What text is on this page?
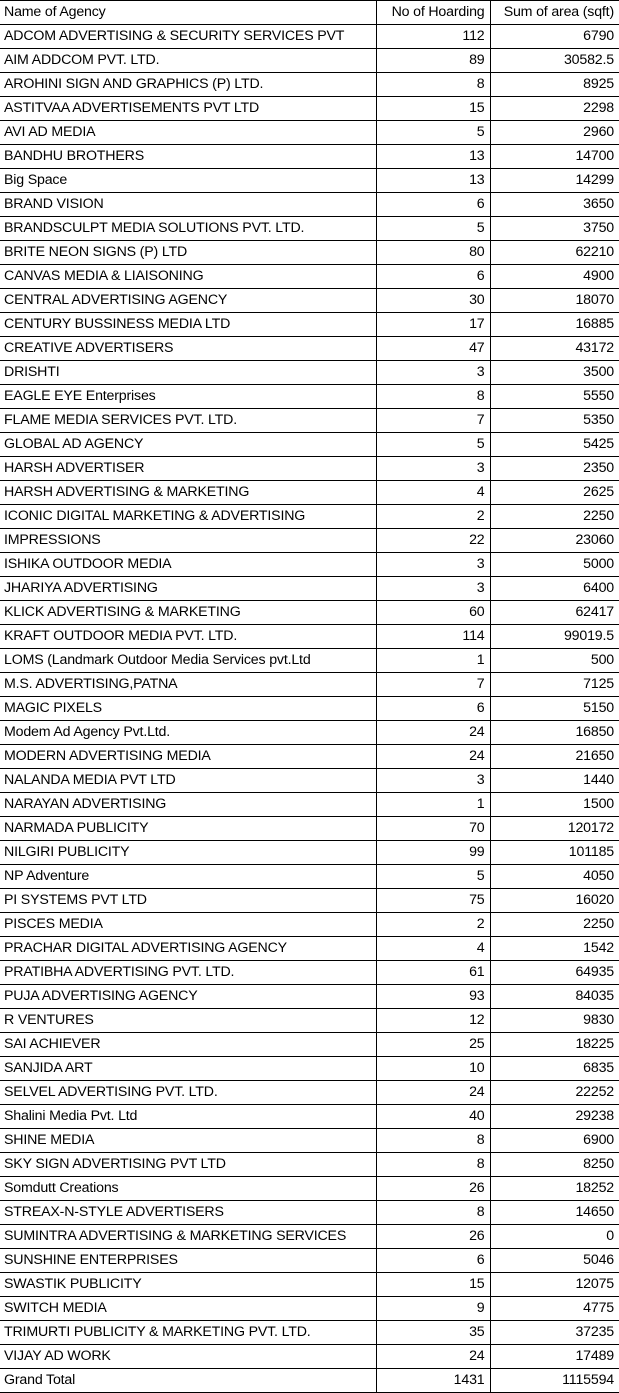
Name of Agency	No of Hoarding	Sum of area (sqft)
ADCOM ADVERTISING & SECURITY SERVICES PVT	112	6790
AIM ADDCOM PVT. LTD.	89	30582.5
AROHINI SIGN AND GRAPHICS (P) LTD.	8	8925
ASTITVAA ADVERTISEMENTS PVT LTD	15	2298
AVI AD MEDIA	5	2960
BANDHU BROTHERS	13	14700
Big Space	13	14299
BRAND VISION	6	3650
BRANDSCULPT MEDIA SOLUTIONS PVT. LTD.	5	3750
BRITE NEON SIGNS (P) LTD	80	62210
CANVAS MEDIA & LIAISONING	6	4900
CENTRAL ADVERTISING AGENCY	30	18070
CENTURY BUSSINESS MEDIA LTD	17	16885
CREATIVE ADVERTISERS	47	43172
DRISHTI	3	3500
EAGLE EYE Enterprises	8	5550
FLAME MEDIA SERVICES PVT. LTD.	7	5350
GLOBAL AD AGENCY	5	5425
HARSH ADVERTISER	3	2350
HARSH ADVERTISING & MARKETING	4	2625
ICONIC DIGITAL MARKETING & ADVERTISING	2	2250
IMPRESSIONS	22	23060
ISHIKA OUTDOOR MEDIA	3	5000
JHARIYA ADVERTISING	3	6400
KLICK ADVERTISING & MARKETING	60	62417
KRAFT OUTDOOR MEDIA PVT. LTD.	114	99019.5
LOMS (Landmark Outdoor Media Services pvt.Ltd	1	500
M.S. ADVERTISING,PATNA	7	7125
MAGIC PIXELS	6	5150
Modem Ad Agency Pvt.Ltd.	24	16850
MODERN ADVERTISING MEDIA	24	21650
NALANDA MEDIA PVT LTD	3	1440
NARAYAN ADVERTISING	1	1500
NARMADA PUBLICITY	70	120172
NILGIRI PUBLICITY	99	101185
NP Adventure	5	4050
PI SYSTEMS PVT LTD	75	16020
PISCES MEDIA	2	2250
PRACHAR DIGITAL ADVERTISING AGENCY	4	1542
PRATIBHA ADVERTISING PVT. LTD.	61	64935
PUJA ADVERTISING AGENCY	93	84035
R VENTURES	12	9830
SAI ACHIEVER	25	18225
SANJIDA ART	10	6835
SELVEL ADVERTISING PVT. LTD.	24	22252
Shalini Media Pvt. Ltd	40	29238
SHINE MEDIA	8	6900
SKY SIGN ADVERTISING PVT LTD	8	8250
Somdutt Creations	26	18252
STREAX-N-STYLE ADVERTISERS	8	14650
SUMINTRA ADVERTISING & MARKETING SERVICES	26	0
SUNSHINE ENTERPRISES	6	5046
SWASTIK PUBLICITY	15	12075
SWITCH MEDIA	9	4775
TRIMURTI PUBLICITY & MARKETING PVT. LTD.	35	37235
VIJAY AD WORK	24	17489
Grand Total	1431	1115594
